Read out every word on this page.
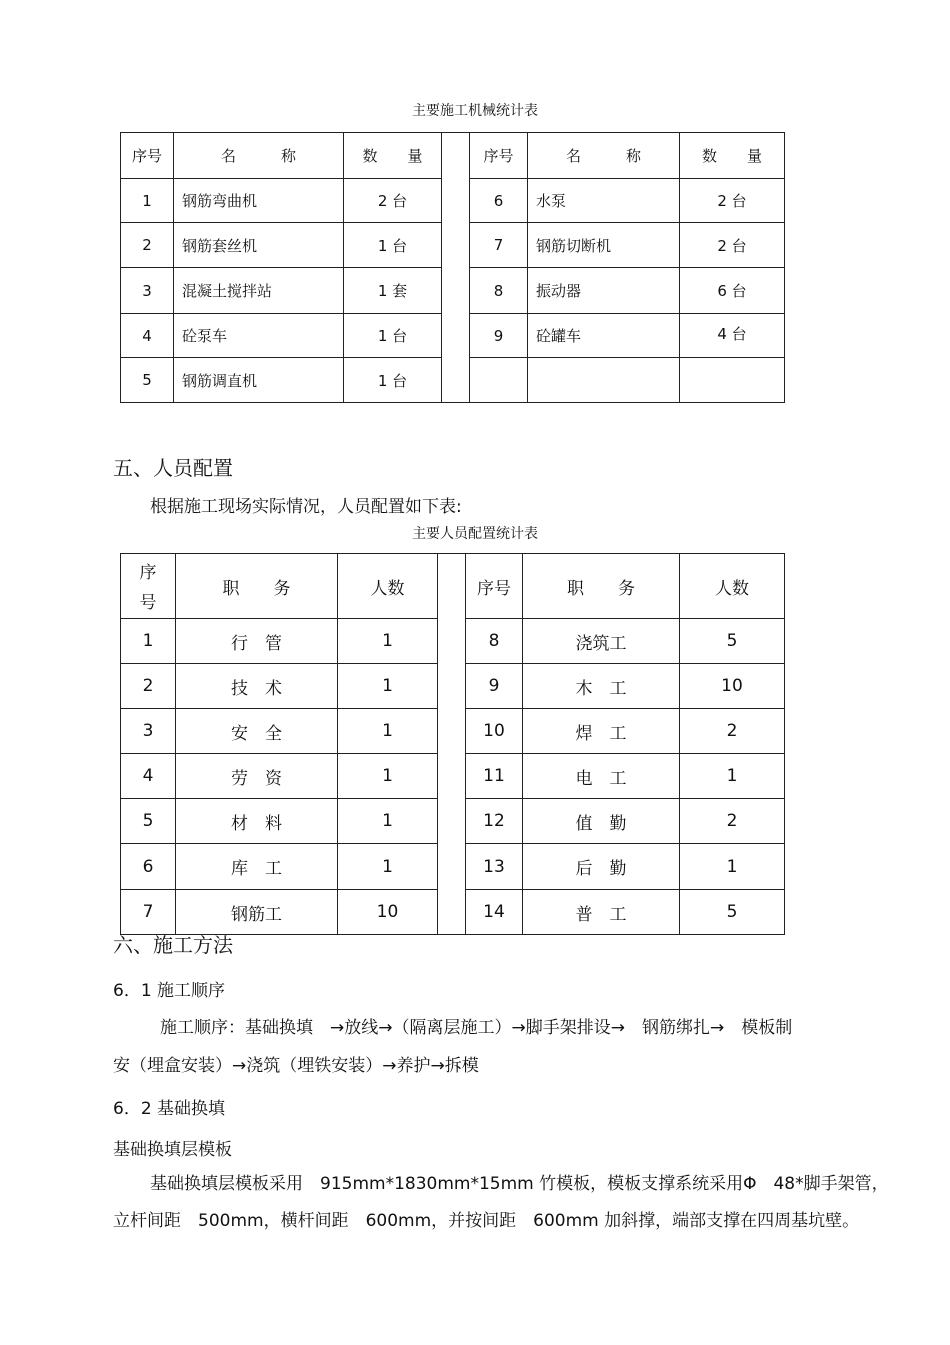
主要施工机械统计表
序号	名　　　称	数　　量		序号	名　　　称	数　　量
1	钢筋弯曲机	2 台		6	水泵	2 台
2	钢筋套丝机	1 台		7	钢筋切断机	2 台
3	混凝土搅拌站	1 套		8	振动器	6 台
4	砼泵车	1 台		9	砼罐车	4 台
5	钢筋调直机	1 台				
五、人员配置
根据施工现场实际情况，人员配置如下表:
主要人员配置统计表
序号	职　　务	人数		序号	职　　务	人数
1	行　管	1		8	浇筑工	5
2	技　术	1		9	木　工	10
3	安　全	1		10	焊　工	2
4	劳　资	1		11	电　工	1
5	材　料	1		12	值　勤	2
6	库　工	1		13	后　勤	1
7	钢筋工	10		14	普　工	5
六、施工方法
6．1 施工顺序
施工顺序：基础换填　→放线→（隔离层施工）→脚手架排设→　钢筋绑扎→　模板制
安（埋盒安装）→浇筑（埋铁安装）→养护→拆模
6．2 基础换填
基础换填层模板
基础换填层模板采用　915mm*1830mm*15mm 竹模板，模板支撑系统采用Φ　48*脚手架管，
立杆间距　500mm，横杆间距　600mm，并按间距　600mm 加斜撑，端部支撑在四周基坑壁。
